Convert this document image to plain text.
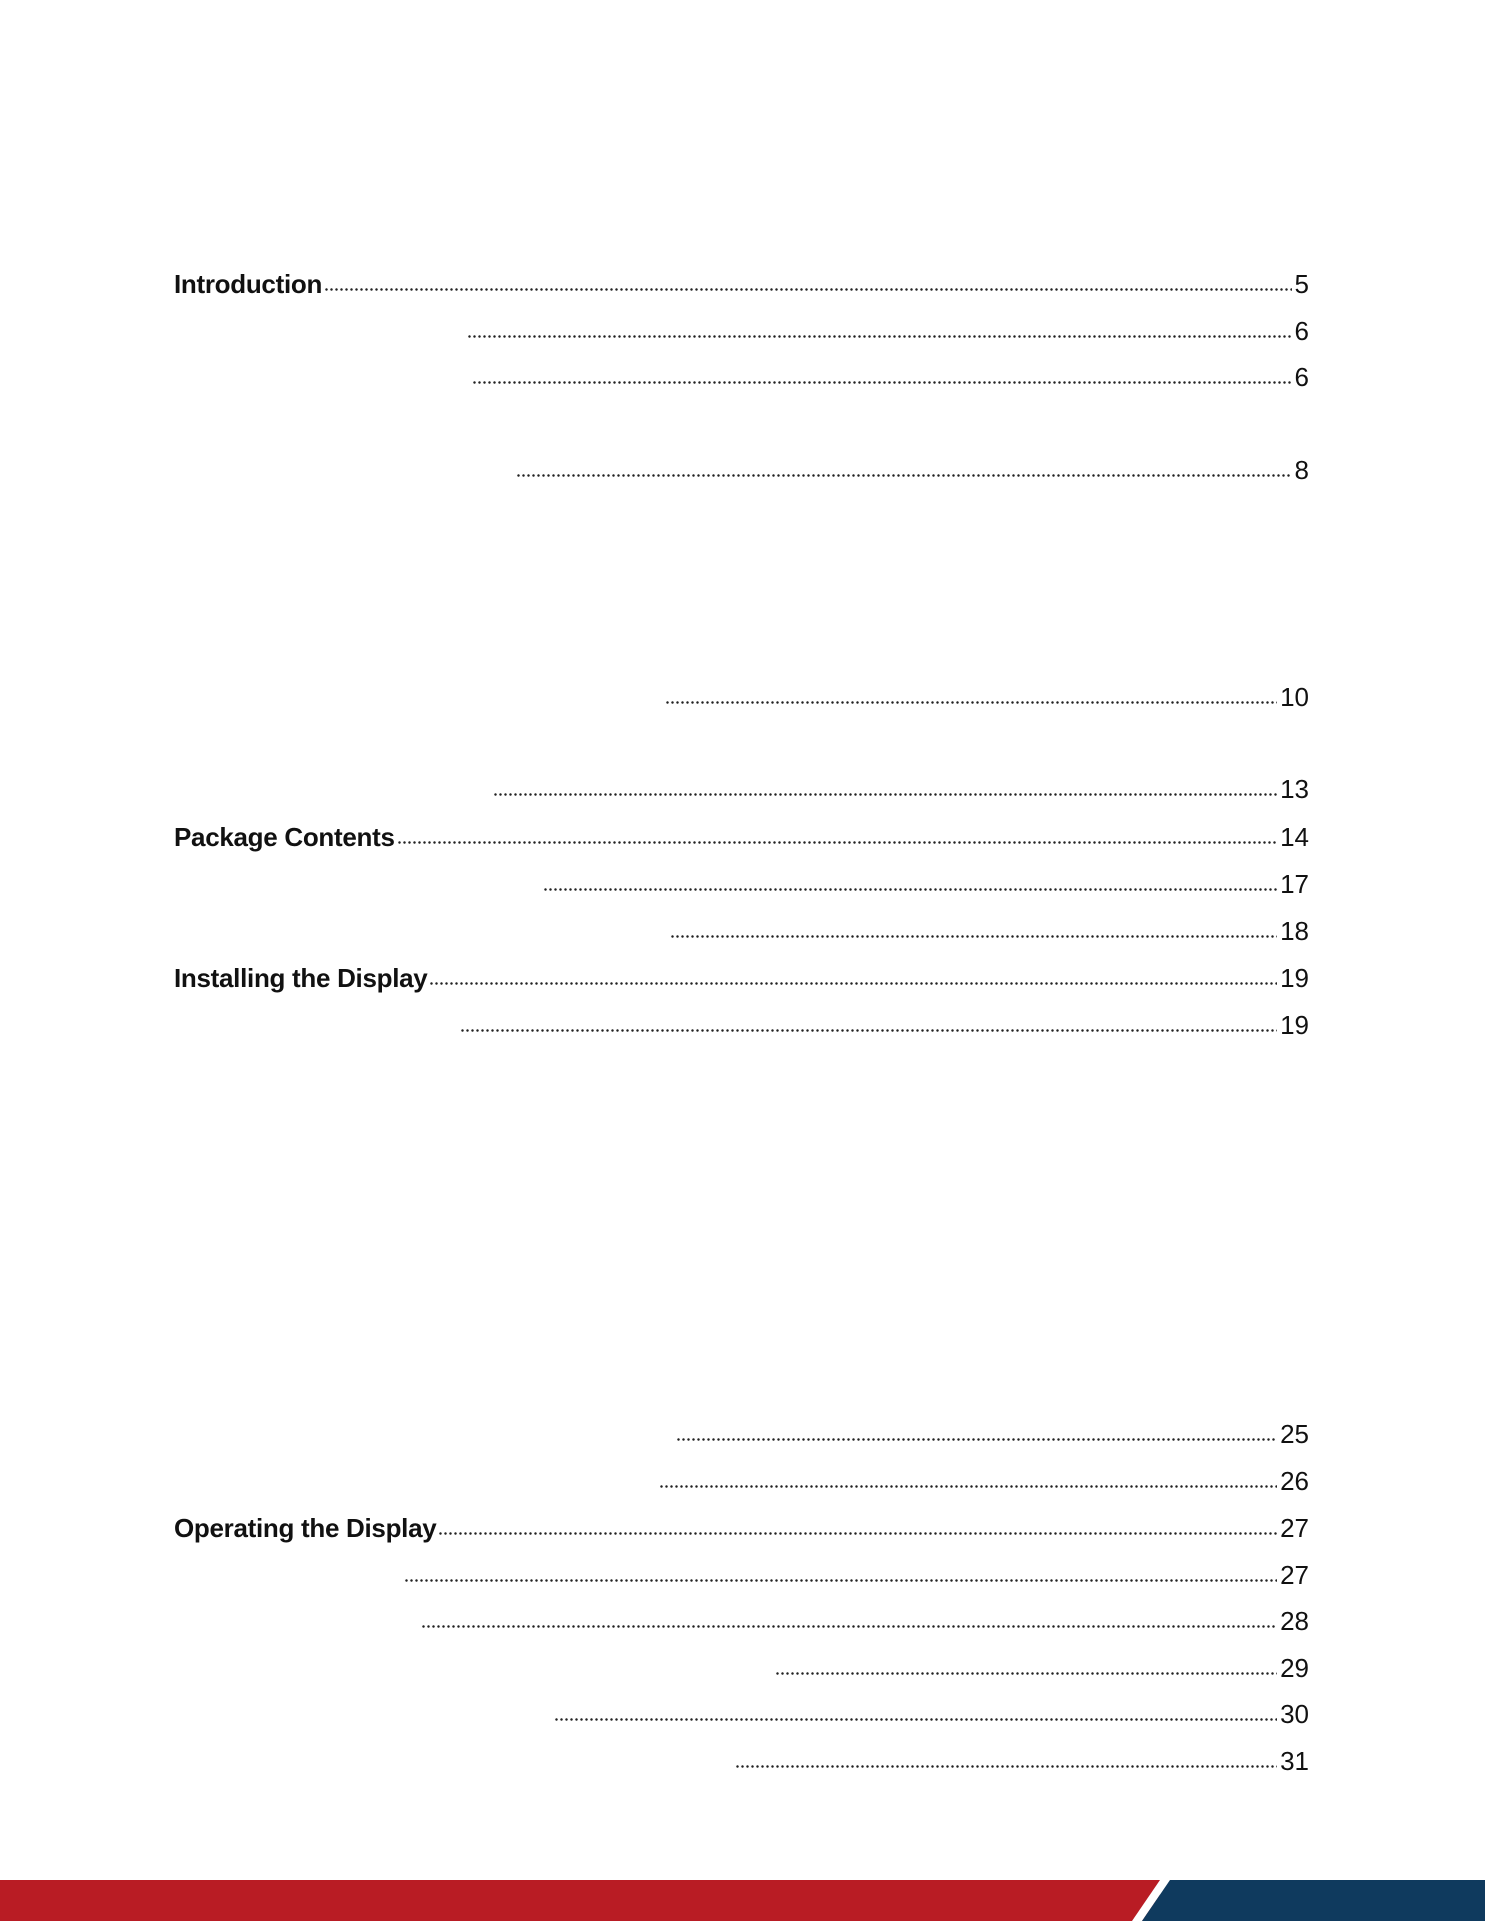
Introduction	5
6
6
8
10
13
Package Contents	14
17
18
Installing the Display	19
19
25
26
Operating the Display	27
27
28
29
30
31
